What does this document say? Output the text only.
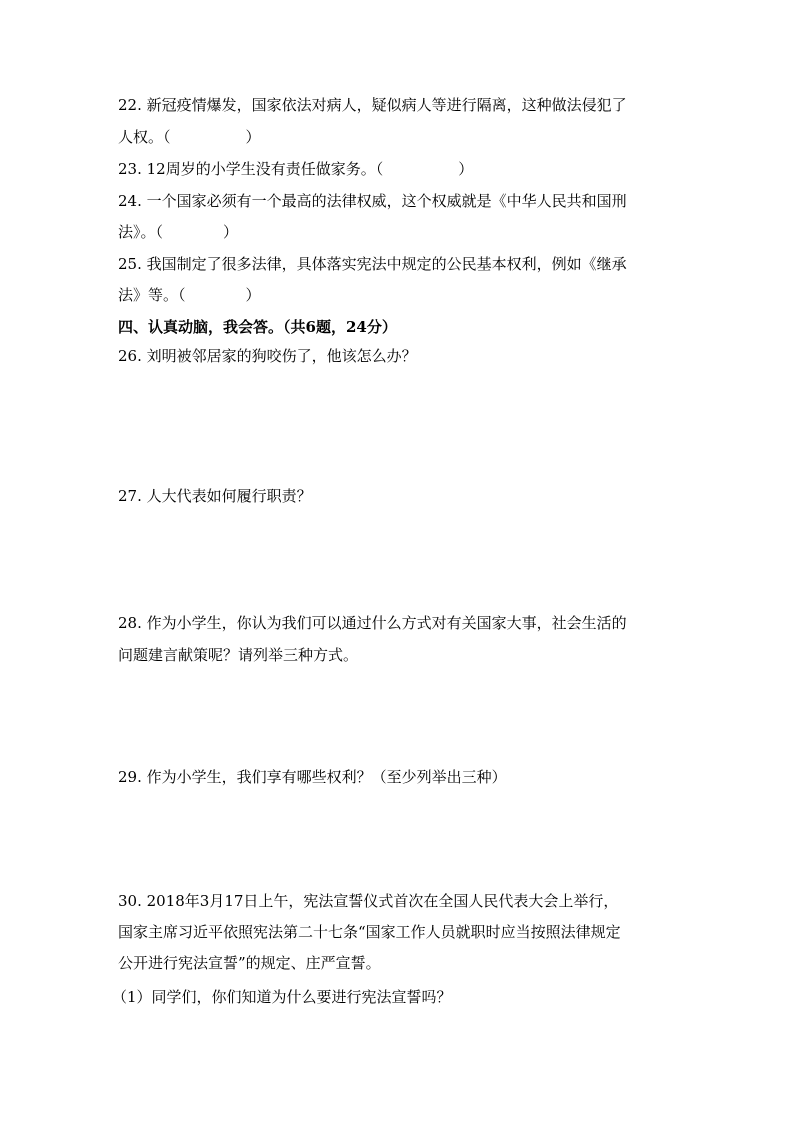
22. 新冠疫情爆发，国家依法对病人，疑似病人等进行隔离，这种做法侵犯了
人权。（　　　　　）
23. 12周岁的小学生没有责任做家务。（　　　　　）
24. 一个国家必须有一个最高的法律权威，这个权威就是《中华人民共和国刑
法》。（　　　　）
25. 我国制定了很多法律，具体落实宪法中规定的公民基本权利，例如《继承
法》等。（　　　　）
四、认真动脑，我会答。（共6题，24分）
26. 刘明被邻居家的狗咬伤了，他该怎么办？
27. 人大代表如何履行职责？
28. 作为小学生，你认为我们可以通过什么方式对有关国家大事，社会生活的
问题建言献策呢？请列举三种方式。
29. 作为小学生，我们享有哪些权利？（至少列举出三种）
30. 2018年3月17日上午，宪法宣誓仪式首次在全国人民代表大会上举行，
国家主席习近平依照宪法第二十七条“国家工作人员就职时应当按照法律规定
公开进行宪法宣誓”的规定、庄严宣誓。
（1）同学们，你们知道为什么要进行宪法宣誓吗？
